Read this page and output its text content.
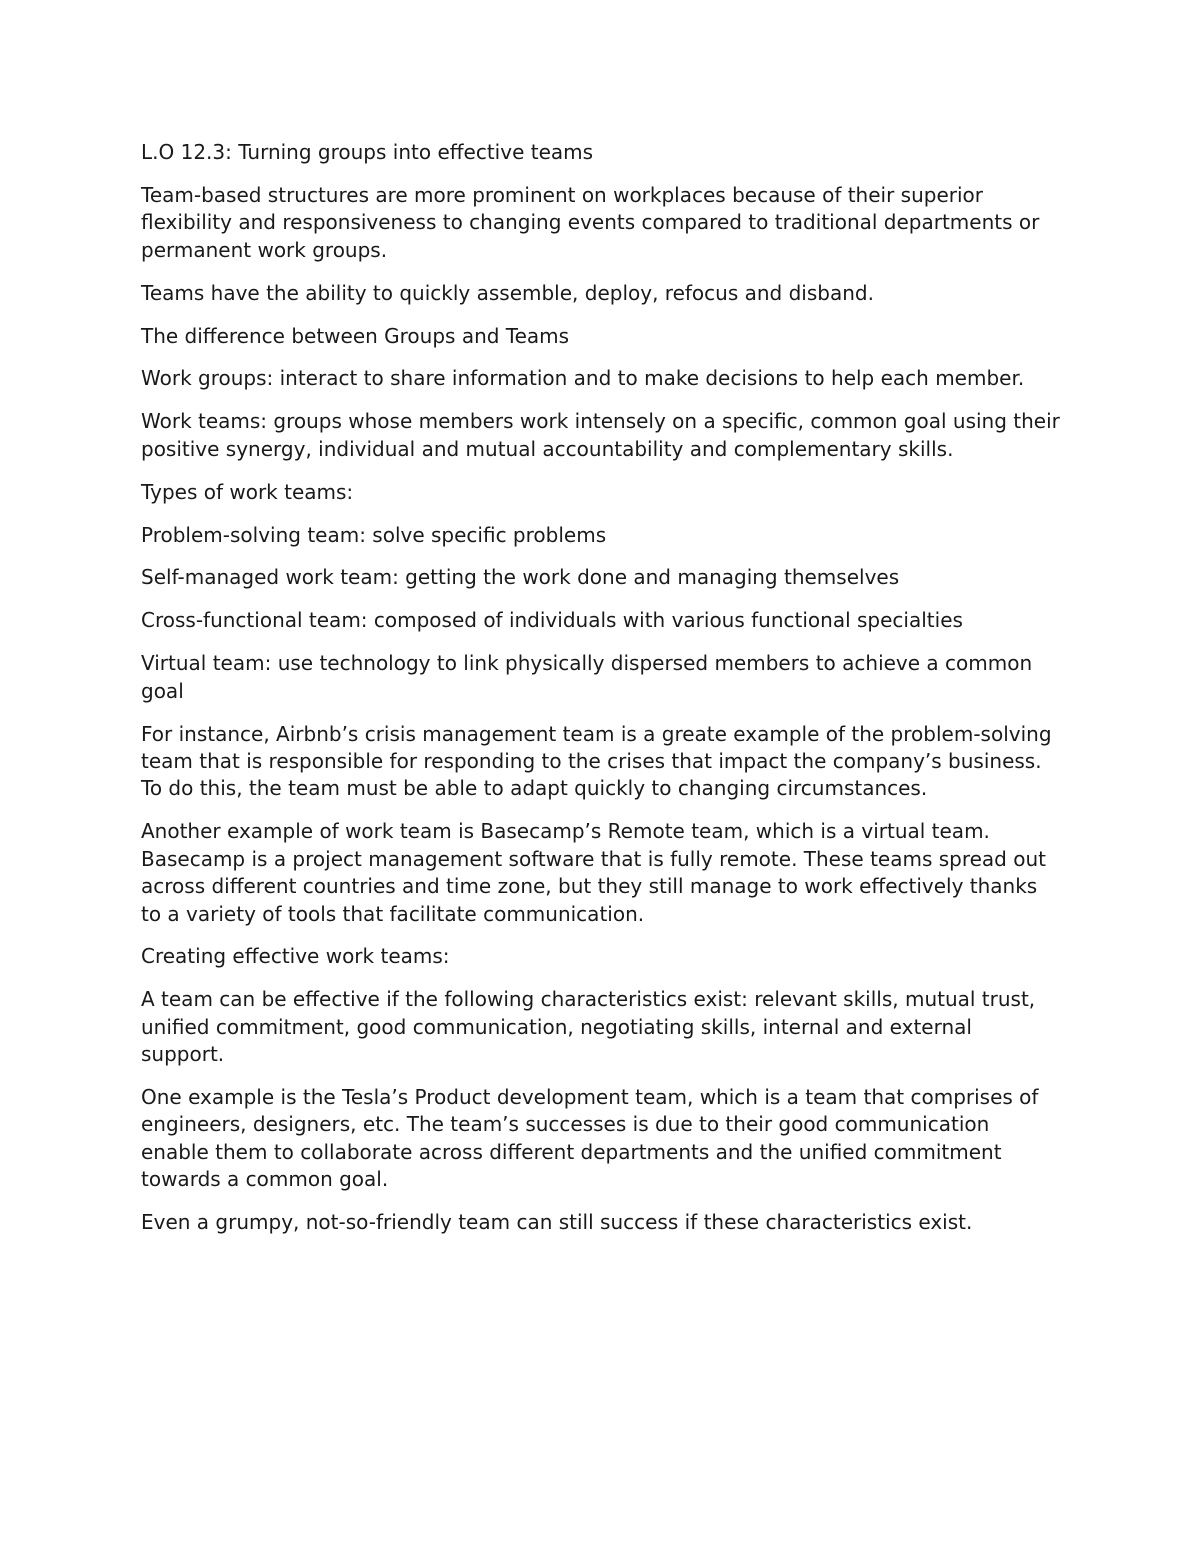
L.O 12.3: Turning groups into effective teams

Team-based structures are more prominent on workplaces because of their superior flexibility and responsiveness to changing events compared to traditional departments or permanent work groups.

Teams have the ability to quickly assemble, deploy, refocus and disband.

The difference between Groups and Teams

Work groups: interact to share information and to make decisions to help each member.

Work teams: groups whose members work intensely on a specific, common goal using their positive synergy, individual and mutual accountability and complementary skills.

Types of work teams:

Problem-solving team: solve specific problems

Self-managed work team: getting the work done and managing themselves

Cross-functional team: composed of individuals with various functional specialties

Virtual team: use technology to link physically dispersed members to achieve a common goal

For instance, Airbnb’s crisis management team is a greate example of the problem-solving team that is responsible for responding to the crises that impact the company’s business. To do this, the team must be able to adapt quickly to changing circumstances.

Another example of work team is Basecamp’s Remote team, which is a virtual team. Basecamp is a project management software that is fully remote. These teams spread out across different countries and time zone, but they still manage to work effectively thanks to a variety of tools that facilitate communication.

Creating effective work teams:

A team can be effective if the following characteristics exist: relevant skills, mutual trust, unified commitment, good communication, negotiating skills, internal and external support.

One example is the Tesla’s Product development team, which is a team that comprises of engineers, designers, etc. The team’s successes is due to their good communication enable them to collaborate across different departments and the unified commitment towards a common goal.

Even a grumpy, not-so-friendly team can still success if these characteristics exist.
